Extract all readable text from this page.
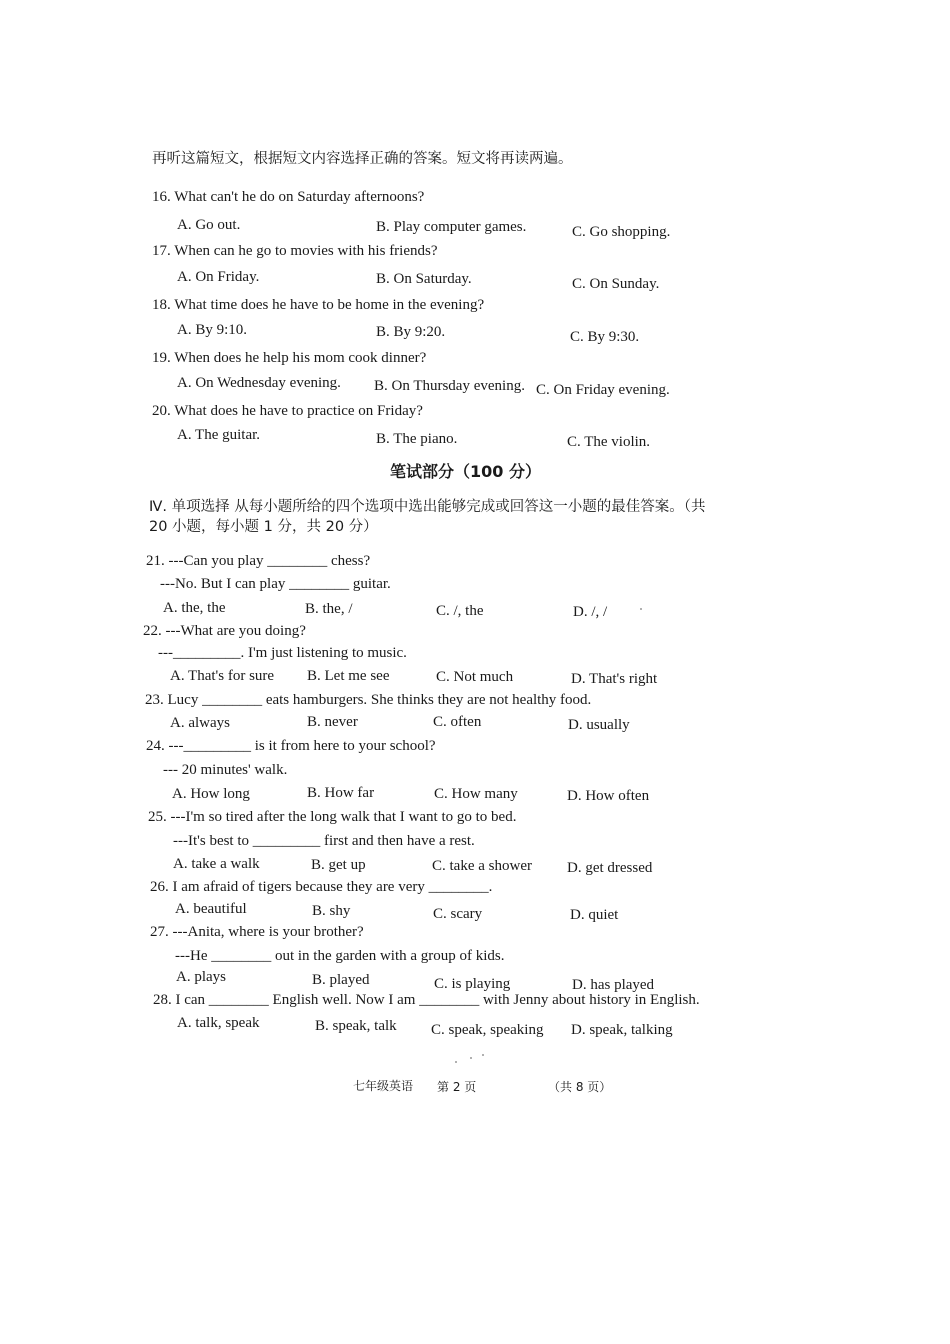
再听这篇短文，根据短文内容选择正确的答案。短文将再读两遍。
16. What can't he do on Saturday afternoons?
A. Go out.	B. Play computer games.	C. Go shopping.
17. When can he go to movies with his friends?
A. On Friday.	B. On Saturday.	C. On Sunday.
18. What time does he have to be home in the evening?
A. By 9:10.	B. By 9:20.	C. By 9:30.
19. When does he help his mom cook dinner?
A. On Wednesday evening. B. On Thursday evening. C. On Friday evening.
20. What does he have to practice on Friday?
A. The guitar.	B. The piano.	C. The violin.
笔试部分（100 分）
Ⅳ. 单项选择 从每小题所给的四个选项中选出能够完成或回答这一小题的最佳答案。（共
20 小题，每小题 1 分，共 20 分）
21. ---Can you play ________ chess?
---No. But I can play ________ guitar.
A. the, the	B. the, /	C. /, the	D. /, /
22. ---What are you doing?
---_________. I'm just listening to music.
A. That's for sure B. Let me see	C. Not much	D. That's right
23. Lucy ________ eats hamburgers. She thinks they are not healthy food.
A. always	B. never	C. often	D. usually
24. ---_________ is it from here to your school?
--- 20 minutes' walk.
A. How long	B. How far	C. How many	D. How often
25. ---I'm so tired after the long walk that I want to go to bed.
---It's best to _________ first and then have a rest.
A. take a walk	B. get up	C. take a shower D. get dressed
26. I am afraid of tigers because they are very ________.
A. beautiful	B. shy	C. scary	D. quiet
27. ---Anita, where is your brother?
---He ________ out in the garden with a group of kids.
A. plays	B. played	C. is playing	D. has played
28. I can ________ English well. Now I am ________ with Jenny about history in English.
A. talk, speak	B. speak, talk C. speak, speaking D. speak, talking
七年级英语 第 2 页	（共 8 页）
